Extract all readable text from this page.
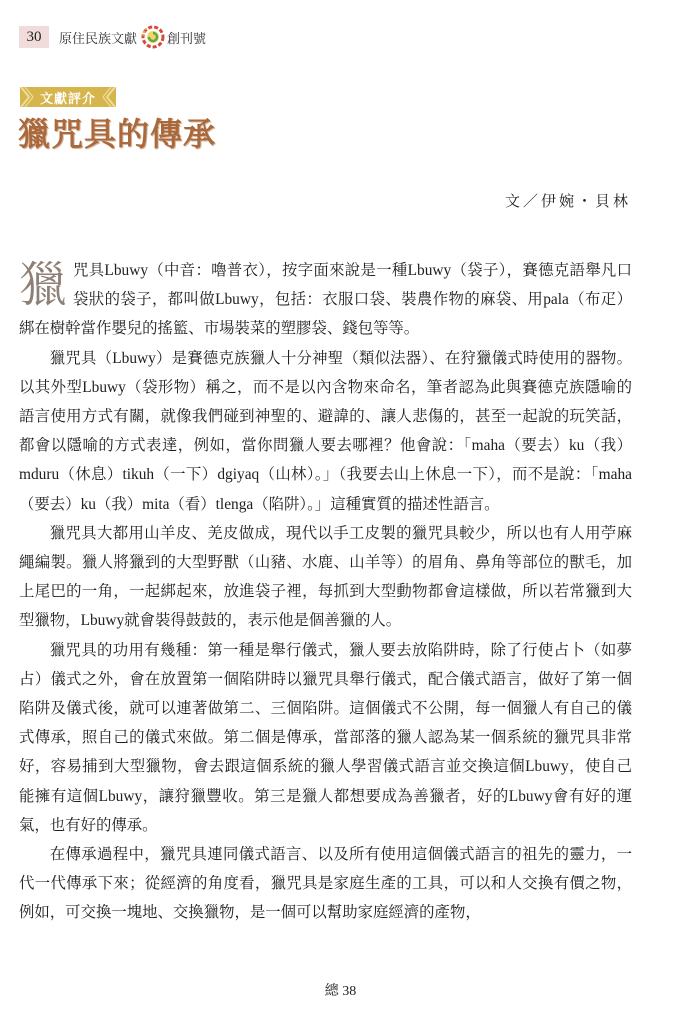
30	原住民族文獻 創刊號
文獻評介
獵咒具的傳承
文／伊婉・貝林

獵咒具Lbuwy（中音：嚕普衣），按字面來說是一種Lbuwy（袋子），賽德克語舉凡口袋狀的袋子，都叫做Lbuwy，包括：衣服口袋、裝農作物的麻袋、用pala（布疋）綁在樹幹當作嬰兒的搖籃、市場裝菜的塑膠袋、錢包等等。

獵咒具（Lbuwy）是賽德克族獵人十分神聖（類似法器）、在狩獵儀式時使用的器物。以其外型Lbuwy（袋形物）稱之，而不是以內含物來命名，筆者認為此與賽德克族隱喻的語言使用方式有關，就像我們碰到神聖的、避諱的、讓人悲傷的，甚至一起說的玩笑話，都會以隱喻的方式表達，例如，當你問獵人要去哪裡？他會說：「maha（要去）ku（我）mduru（休息）tikuh（一下）dgiyaq（山林）。」（我要去山上休息一下），而不是說：「maha（要去）ku（我）mita（看）tlenga（陷阱）。」這種實質的描述性語言。

獵咒具大都用山羊皮、羌皮做成，現代以手工皮製的獵咒具較少，所以也有人用苧麻繩編製。獵人將獵到的大型野獸（山豬、水鹿、山羊等）的眉角、鼻角等部位的獸毛，加上尾巴的一角，一起綁起來，放進袋子裡，每抓到大型動物都會這樣做，所以若常獵到大型獵物，Lbuwy就會裝得鼓鼓的，表示他是個善獵的人。

獵咒具的功用有幾種：第一種是舉行儀式，獵人要去放陷阱時，除了行使占卜（如夢占）儀式之外，會在放置第一個陷阱時以獵咒具舉行儀式，配合儀式語言，做好了第一個陷阱及儀式後，就可以連著做第二、三個陷阱。這個儀式不公開，每一個獵人有自己的儀式傳承，照自己的儀式來做。第二個是傳承，當部落的獵人認為某一個系統的獵咒具非常好，容易捕到大型獵物，會去跟這個系統的獵人學習儀式語言並交換這個Lbuwy，使自己能擁有這個Lbuwy，讓狩獵豐收。第三是獵人都想要成為善獵者，好的Lbuwy會有好的運氣，也有好的傳承。

在傳承過程中，獵咒具連同儀式語言、以及所有使用這個儀式語言的祖先的靈力，一代一代傳承下來；從經濟的角度看，獵咒具是家庭生產的工具，可以和人交換有價之物，例如，可交換一塊地、交換獵物，是一個可以幫助家庭經濟的產物，

總 38
